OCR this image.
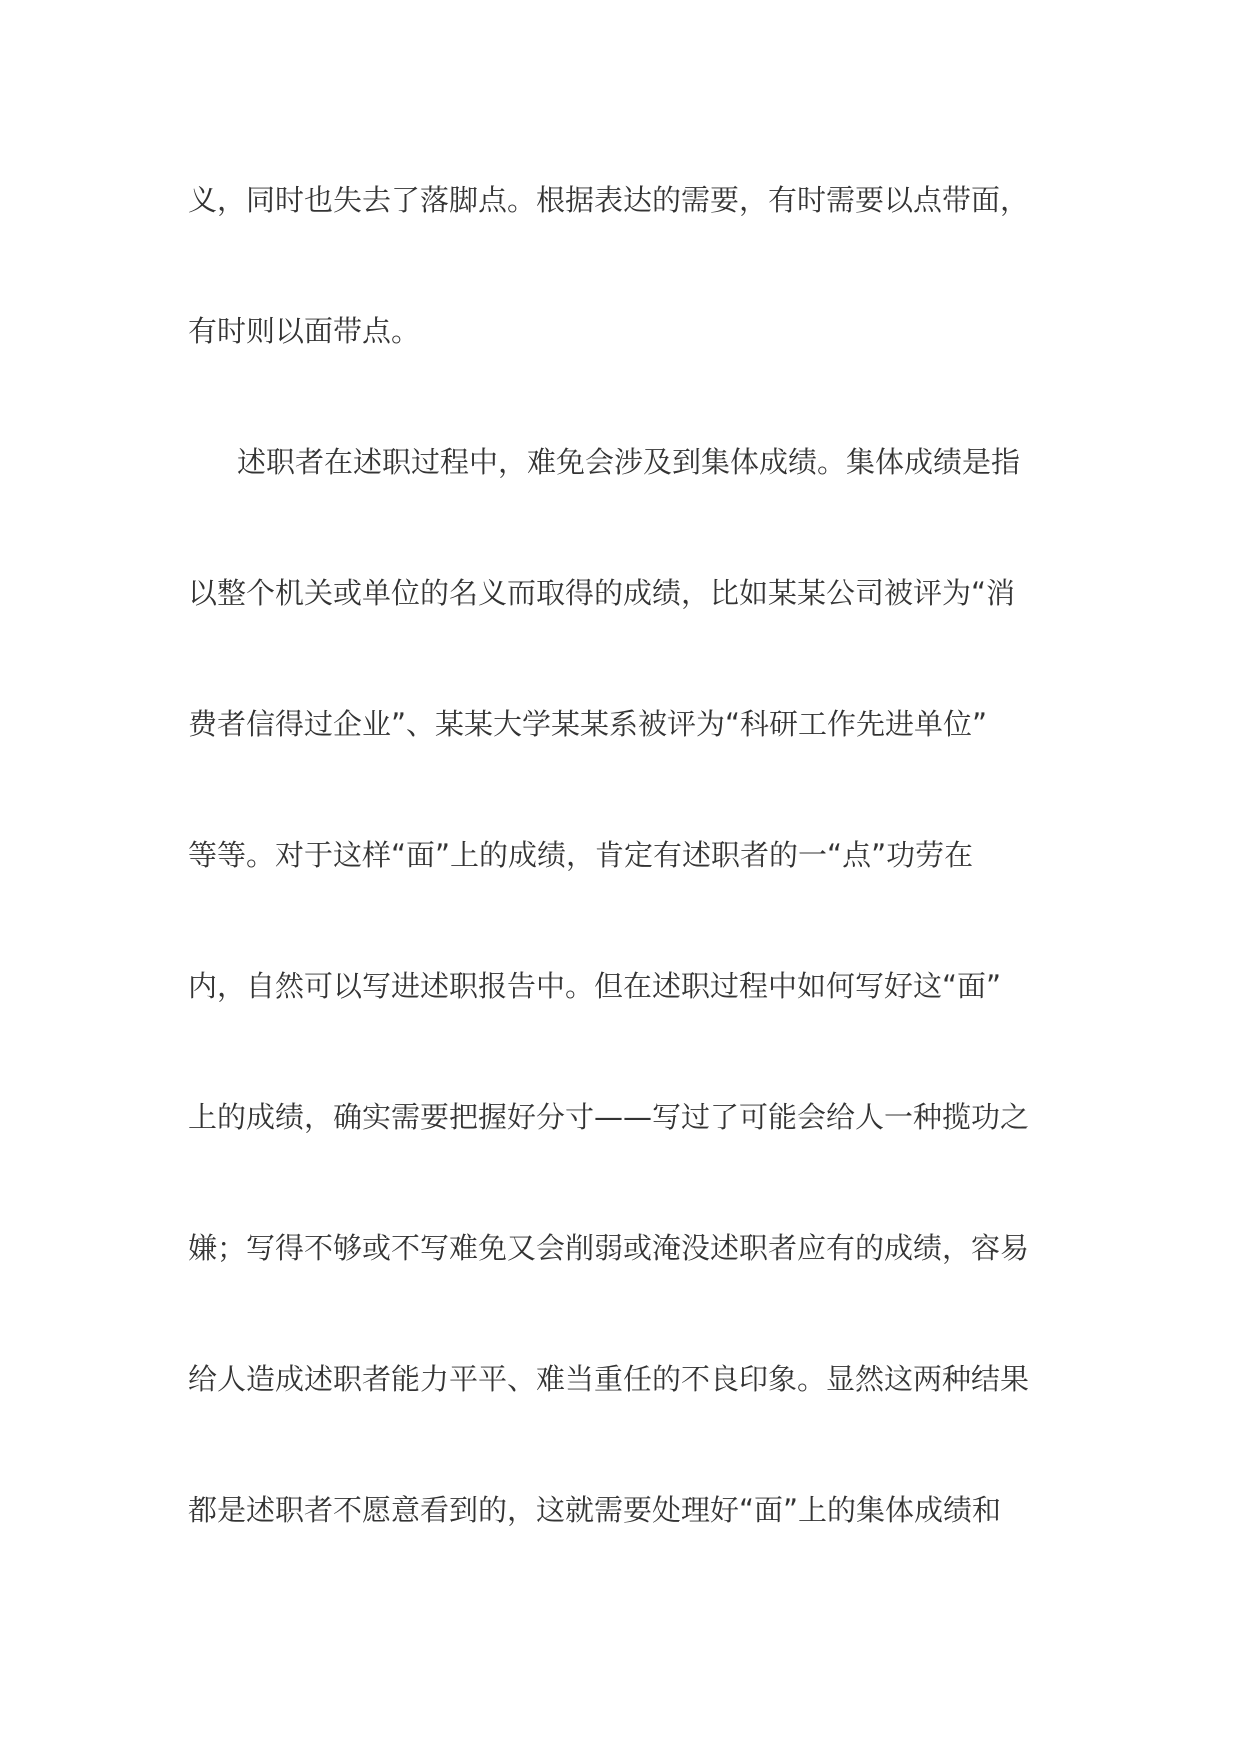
义，同时也失去了落脚点。根据表达的需要，有时需要以点带面，
有时则以面带点。
述职者在述职过程中，难免会涉及到集体成绩。集体成绩是指
以整个机关或单位的名义而取得的成绩，比如某某公司被评为“消
费者信得过企业”、某某大学某某系被评为“科研工作先进单位”
等等。对于这样“面”上的成绩，肯定有述职者的一“点”功劳在
内，自然可以写进述职报告中。但在述职过程中如何写好这“面”
上的成绩，确实需要把握好分寸——写过了可能会给人一种揽功之
嫌；写得不够或不写难免又会削弱或淹没述职者应有的成绩，容易
给人造成述职者能力平平、难当重任的不良印象。显然这两种结果
都是述职者不愿意看到的，这就需要处理好“面”上的集体成绩和
